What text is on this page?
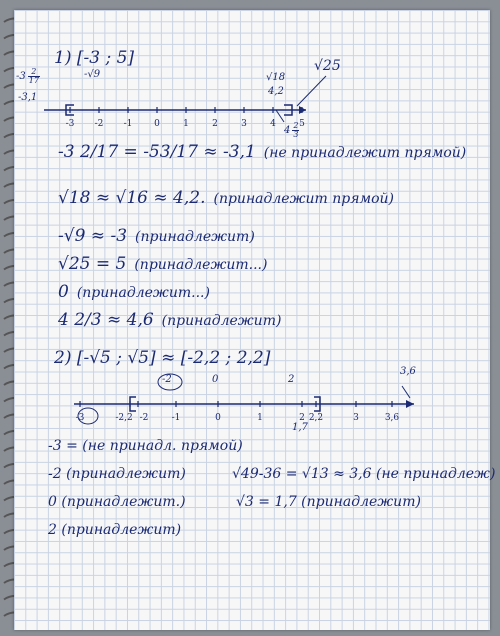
1) [-3 ; 5]
$-3 \frac{2}{17}$	-√9
-3,1
√18
4,2
√25
$4 \frac{2}{3}$
-3 -2 -1 0	1	2	3	4	5
-3 2/17 = -53/17 ≈ -3,1 (не принадлежит прямой)
√18 ≈ √16 ≈ 4,2. (принадлежит прямой)
-√9 ≈ -3 (принадлежит)
√25 = 5 (принадлежит...)
0 (принадлежит...)
4 2/3 ≈ 4,6 (принадлежит)
2) [-√5 ; √5] ≈ [-2,2 ; 2,2]
-3	-2,2 -2	-1	0	1	2 2,2	3	3,6
-2	0	2
3,6
1,7
-3 = (не принадл. прямой)
-2 (принадлежит)	√49-36 = √13 ≈ 3,6 (не принадлеж)
0 (принадлежит.)	√3 = 1,7 (принадлежит)
2 (принадлежит)
